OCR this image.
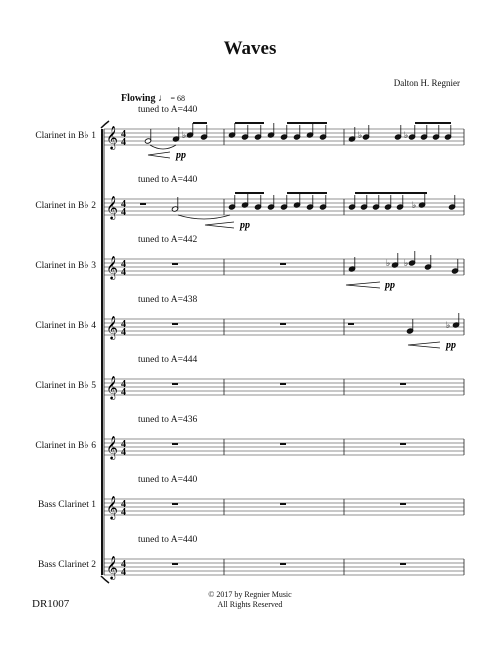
Waves
Dalton H. Regnier
Flowing ♩ = 68
Clarinet in B♭ 1
tuned to A=440
Clarinet in B♭ 2
tuned to A=440
Clarinet in B♭ 3
tuned to A=442
Clarinet in B♭ 4
tuned to A=438
Clarinet in B♭ 5
tuned to A=444
Clarinet in B♭ 6
tuned to A=436
Bass Clarinet 1
tuned to A=440
Bass Clarinet 2
tuned to A=440
𝄞 4
4
𝄞 4
4
𝄞 4
4
𝄞 4
4
𝄞 4
4
𝄞 4
4
𝄞 4
4
𝄞 4
4
♭
pp
♭	♭
pp
♭
♭ ♭
pp
♭
pp
DR1007
© 2017 by Regnier Music
All Rights Reserved
